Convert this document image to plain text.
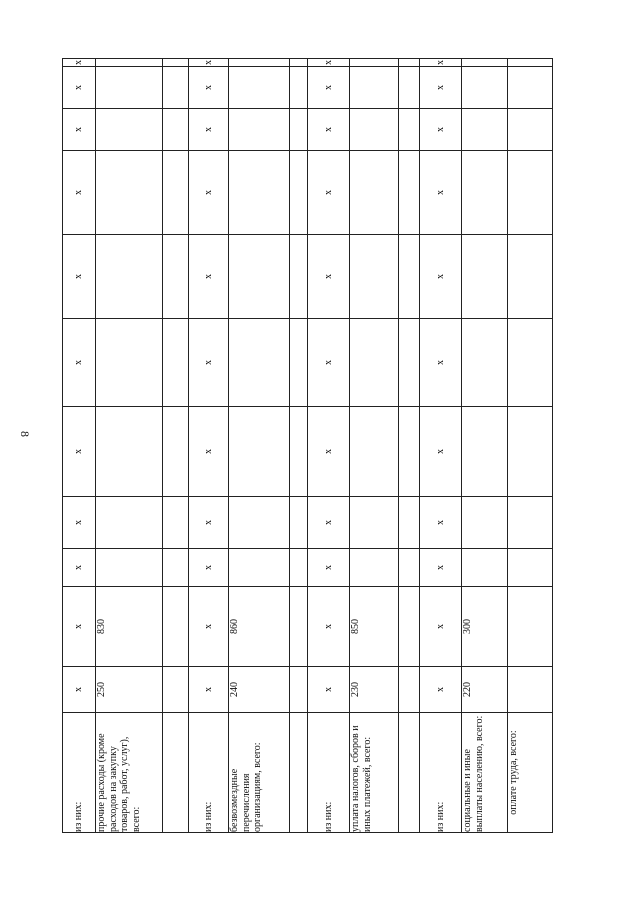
8
из них:	x	x	x	x	x	x	x	x	x	x	x
прочие расходы (кроме расходов на закупку товаров, работ, услуг), всего:	250	830									

из них:	x	x	x	x	x	x	x	x	x	x	x
безвозмездные перечисления организациям, всего:	240	860									

из них:	x	x	x	x	x	x	x	x	x	x	x
уплата налогов, сборов и иных платежей, всего:	230	850									

из них:	x	x	x	x	x	x	x	x	x	x	x
социальные и иные выплаты населению, всего:	220	300									
оплате труда, всего:											
